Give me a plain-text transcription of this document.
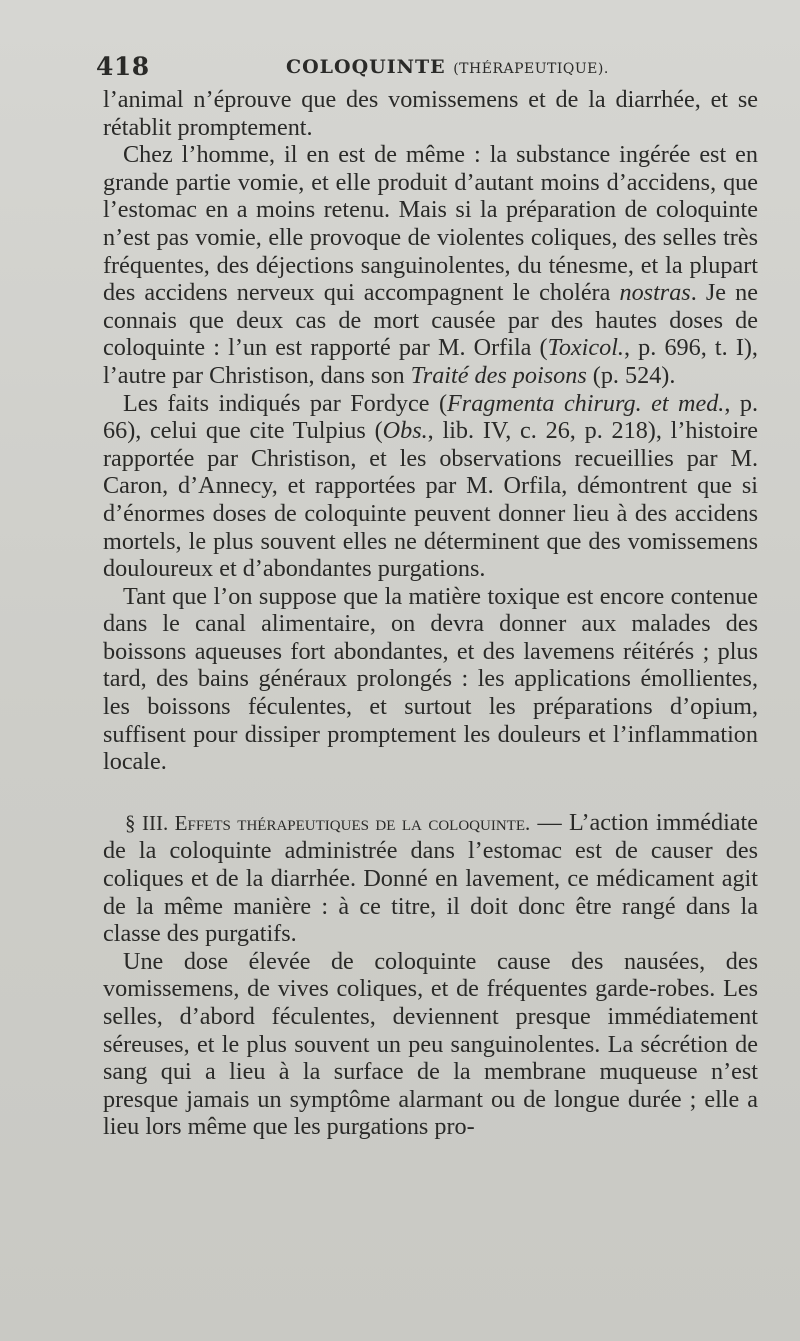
418	COLOQUINTE (THÉRAPEUTIQUE).

l’animal n’éprouve que des vomissemens et de la diarrhée, et se rétablit promptement.

Chez l’homme, il en est de même : la substance ingérée est en grande partie vomie, et elle produit d’autant moins d’accidens, que l’estomac en a moins retenu. Mais si la préparation de coloquinte n’est pas vomie, elle provoque de violentes coliques, des selles très fréquentes, des déjections sanguinolentes, du ténesme, et la plupart des accidens nerveux qui accompagnent le choléra nostras. Je ne connais que deux cas de mort causée par des hautes doses de coloquinte : l’un est rapporté par M. Orfila (Toxicol., p. 696, t. I), l’autre par Christison, dans son Traité des poisons (p. 524).

Les faits indiqués par Fordyce (Fragmenta chirurg. et med., p. 66), celui que cite Tulpius (Obs., lib. IV, c. 26, p. 218), l’histoire rapportée par Christison, et les observations recueillies par M. Caron, d’Annecy, et rapportées par M. Orfila, démontrent que si d’énormes doses de coloquinte peuvent donner lieu à des accidens mortels, le plus souvent elles ne déterminent que des vomissemens douloureux et d’abondantes purgations.

Tant que l’on suppose que la matière toxique est encore contenue dans le canal alimentaire, on devra donner aux malades des boissons aqueuses fort abondantes, et des lavemens réitérés ; plus tard, des bains généraux prolongés : les applications émollientes, les boissons féculentes, et surtout les préparations d’opium, suffisent pour dissiper promptement les douleurs et l’inflammation locale.

§ III. Effets thérapeutiques de la coloquinte. — L’action immédiate de la coloquinte administrée dans l’estomac est de causer des coliques et de la diarrhée. Donné en lavement, ce médicament agit de la même manière : à ce titre, il doit donc être rangé dans la classe des purgatifs.

Une dose élevée de coloquinte cause des nausées, des vomissemens, de vives coliques, et de fréquentes garde-robes. Les selles, d’abord féculentes, deviennent presque immédiatement séreuses, et le plus souvent un peu sanguinolentes. La sécrétion de sang qui a lieu à la surface de la membrane muqueuse n’est presque jamais un symptôme alarmant ou de longue durée ; elle a lieu lors même que les purgations pro-
